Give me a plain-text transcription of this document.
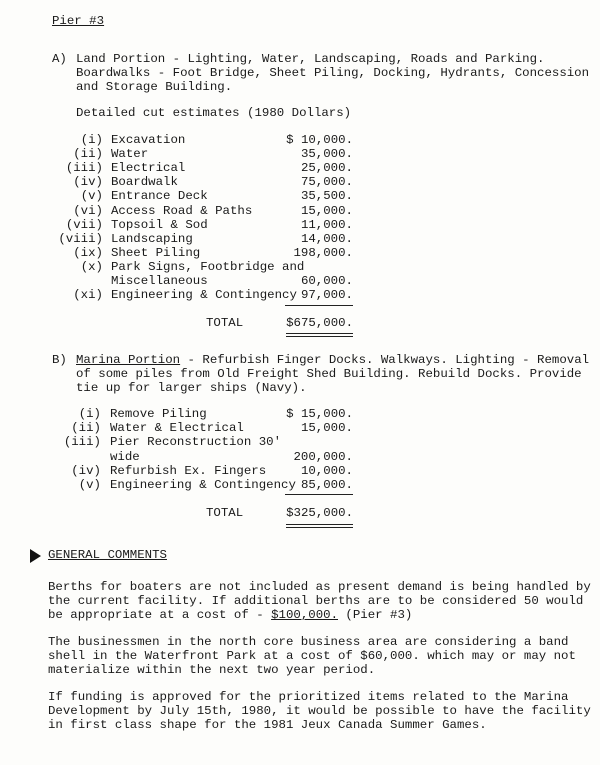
Pier #3
A) Land Portion - Lighting, Water, Landscaping, Roads and Parking.
Boardwalks - Foot Bridge, Sheet Piling, Docking, Hydrants, Concession
and Storage Building.
Detailed cut estimates (1980 Dollars)
(i) Excavation	$ 10,000.
(ii) Water	35,000.
(iii) Electrical	25,000.
(iv) Boardwalk	75,000.
(v) Entrance Deck	35,500.
(vi) Access Road & Paths	15,000.
(vii) Topsoil & Sod	11,000.
(viii) Landscaping	14,000.
(ix) Sheet Piling	198,000.
(x) Park Signs, Footbridge and
Miscellaneous	60,000.
(xi) Engineering & Contingency 97,000.
TOTAL	$675,000.
B) Marina Portion - Refurbish Finger Docks. Walkways. Lighting - Removal
of some piles from Old Freight Shed Building. Rebuild Docks. Provide
tie up for larger ships (Navy).
(i) Remove Piling	$ 15,000.
(ii) Water & Electrical	15,000.
(iii) Pier Reconstruction 30'
wide	200,000.
(iv) Refurbish Ex. Fingers	10,000.
(v) Engineering & Contingency 85,000.
TOTAL	$325,000.
GENERAL COMMENTS
Berths for boaters are not included as present demand is being handled by
the current facility. If additional berths are to be considered 50 would
be appropriate at a cost of - $100,000. (Pier #3)
The businessmen in the north core business area are considering a band
shell in the Waterfront Park at a cost of $60,000. which may or may not
materialize within the next two year period.
If funding is approved for the prioritized items related to the Marina
Development by July 15th, 1980, it would be possible to have the facility
in first class shape for the 1981 Jeux Canada Summer Games.
